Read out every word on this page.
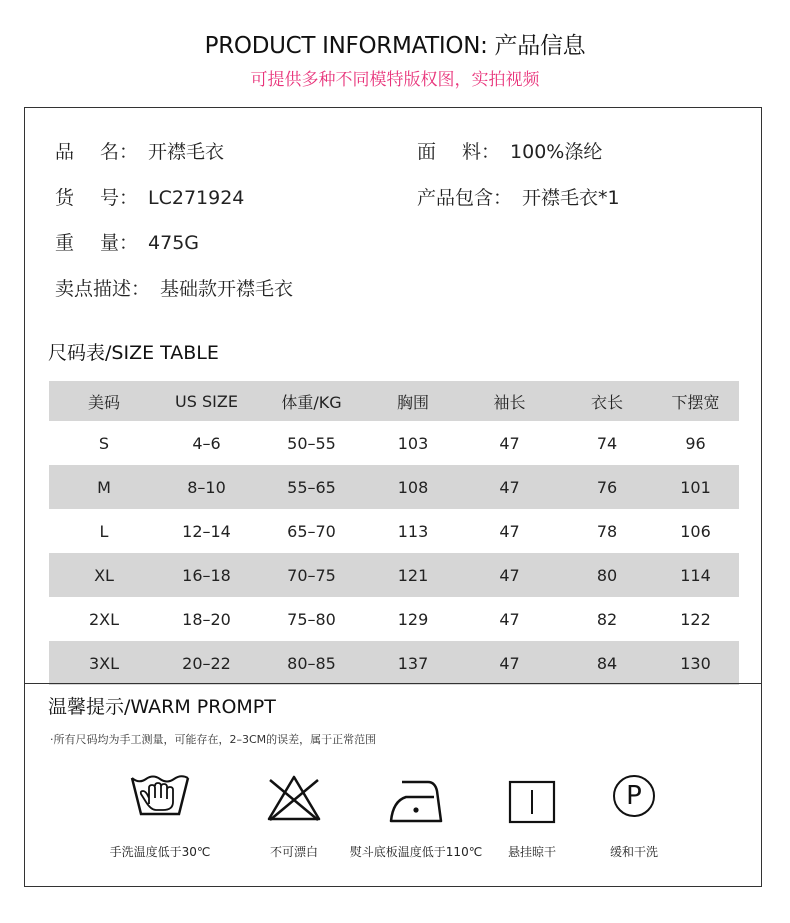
PRODUCT INFORMATION: 产品信息
可提供多种不同模特版权图，实拍视频
品 名 ： 开襟毛衣	面 料 ： 100%涤纶
货 号 ： LC271924	产品包含： 开襟毛衣*1
重 量 ： 475G
卖点描述： 基础款开襟毛衣
尺码表/SIZE TABLE
美码	US SIZE	体重/KG	胸围	袖长	衣长	下摆宽
S	4–6	50–55	103	47	74	96
M	8–10	55–65	108	47	76	101
L	12–14	65–70	113	47	78	106
XL	16–18	70–75	121	47	80	114
2XL	18–20	75–80	129	47	82	122
3XL	20–22	80–85	137	47	84	130
温馨提示/WARM PROMPT
·所有尺码均为手工测量，可能存在，2–3CM的误差，属于正常范围
P
手洗温度低于30℃	不可漂白	熨斗底板温度低于110℃	悬挂晾干	缓和干洗
